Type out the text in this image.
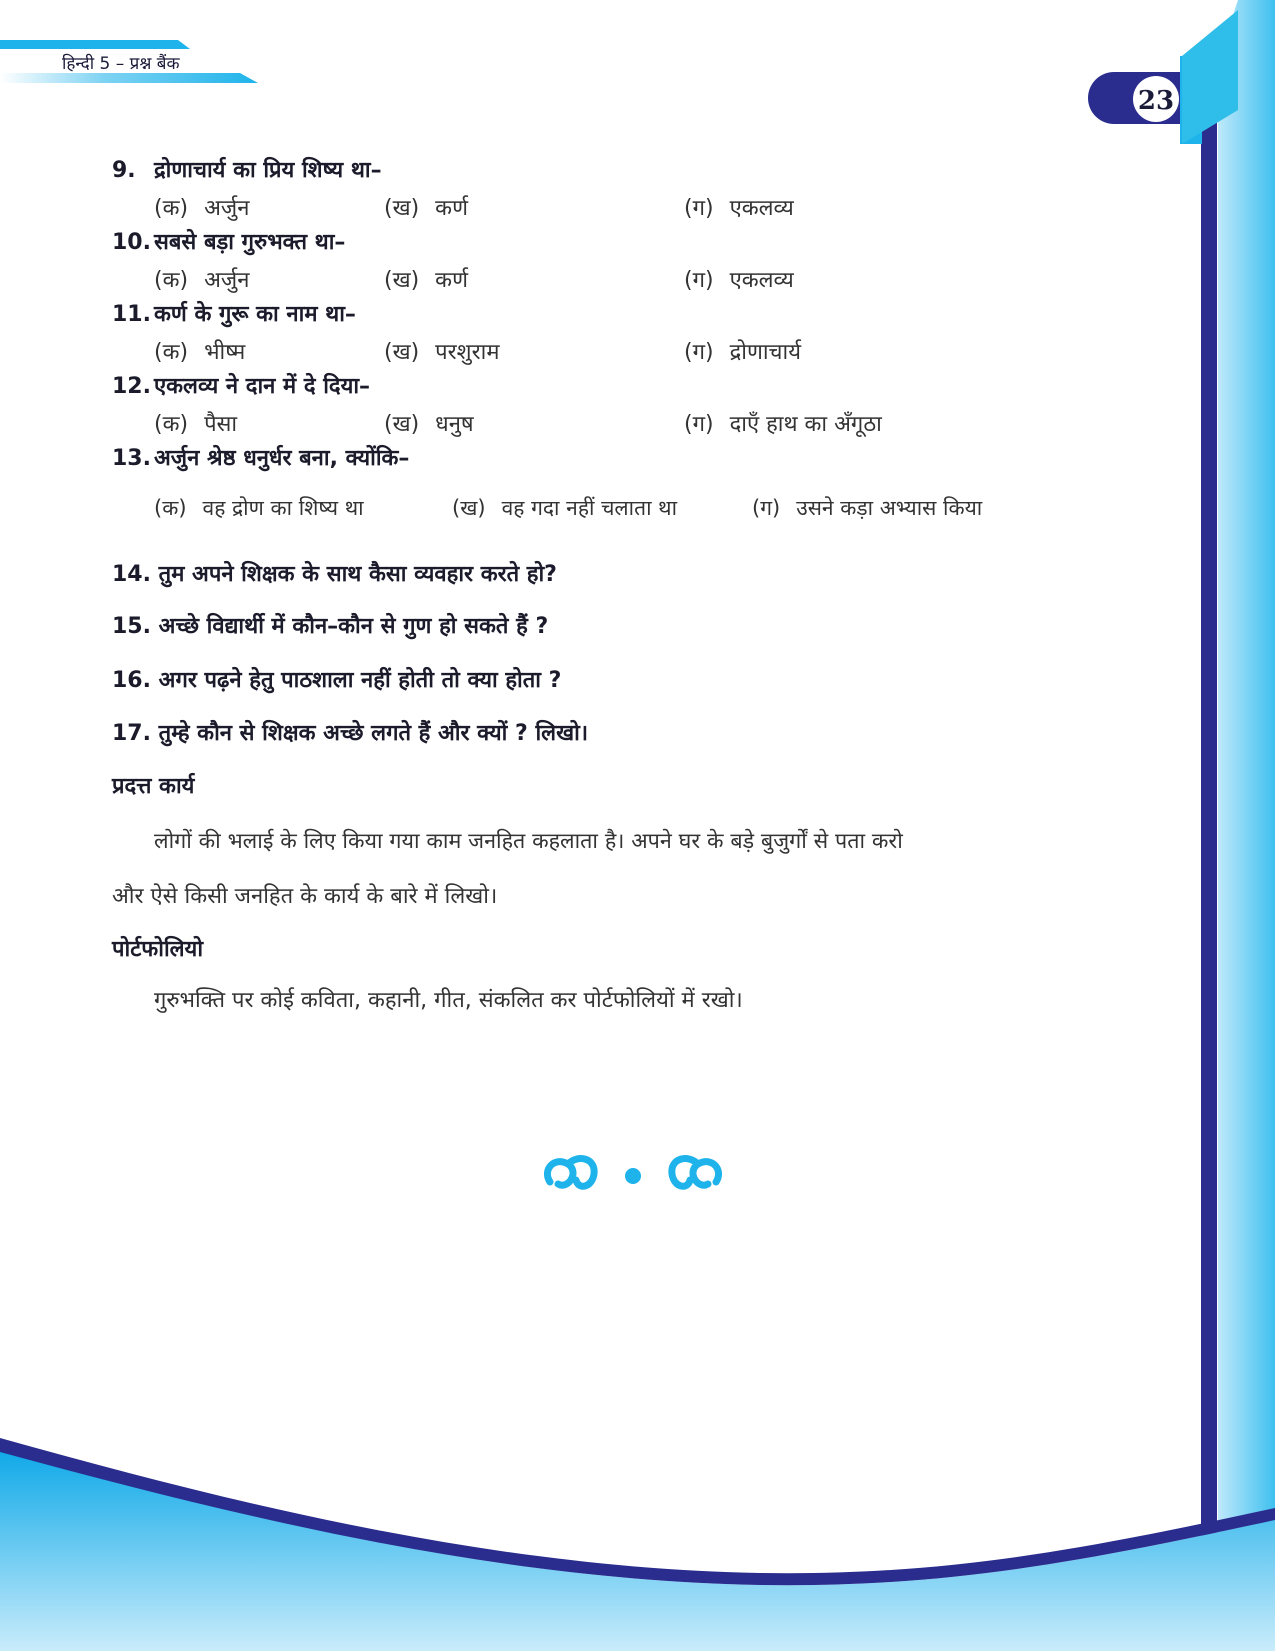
हिन्दी 5 – प्रश्न बैंक
23
9. द्रोणाचार्य का प्रिय शिष्य था–
(क) अर्जुन	(ख) कर्ण	(ग) एकलव्य
10. सबसे बड़ा गुरुभक्त था–
(क) अर्जुन	(ख) कर्ण	(ग) एकलव्य
11. कर्ण के गुरू का नाम था–
(क) भीष्म	(ख) परशुराम	(ग) द्रोणाचार्य
12. एकलव्य ने दान में दे दिया–
(क) पैसा	(ख) धनुष	(ग) दाएँ हाथ का अँगूठा
13. अर्जुन श्रेष्ठ धनुर्धर बना, क्योंकि–
(क) वह द्रोण का शिष्य था	(ख) वह गदा नहीं चलाता था	(ग) उसने कड़ा अभ्यास किया
14. तुम अपने शिक्षक के साथ कैसा व्यवहार करते हो?
15. अच्छे विद्यार्थी में कौन–कौन से गुण हो सकते हैं ?
16. अगर पढ़ने हेतु पाठशाला नहीं होती तो क्या होता ?
17. तुम्हे कौन से शिक्षक अच्छे लगते हैं और क्यों ? लिखो।
प्रदत्त कार्य
लोगों की भलाई के लिए किया गया काम जनहित कहलाता है। अपने घर के बड़े बुजुर्गों से पता करो
और ऐसे किसी जनहित के कार्य के बारे में लिखो।
पोर्टफोलियो
गुरुभक्ति पर कोई कविता, कहानी, गीत, संकलित कर पोर्टफोलियों में रखो।
